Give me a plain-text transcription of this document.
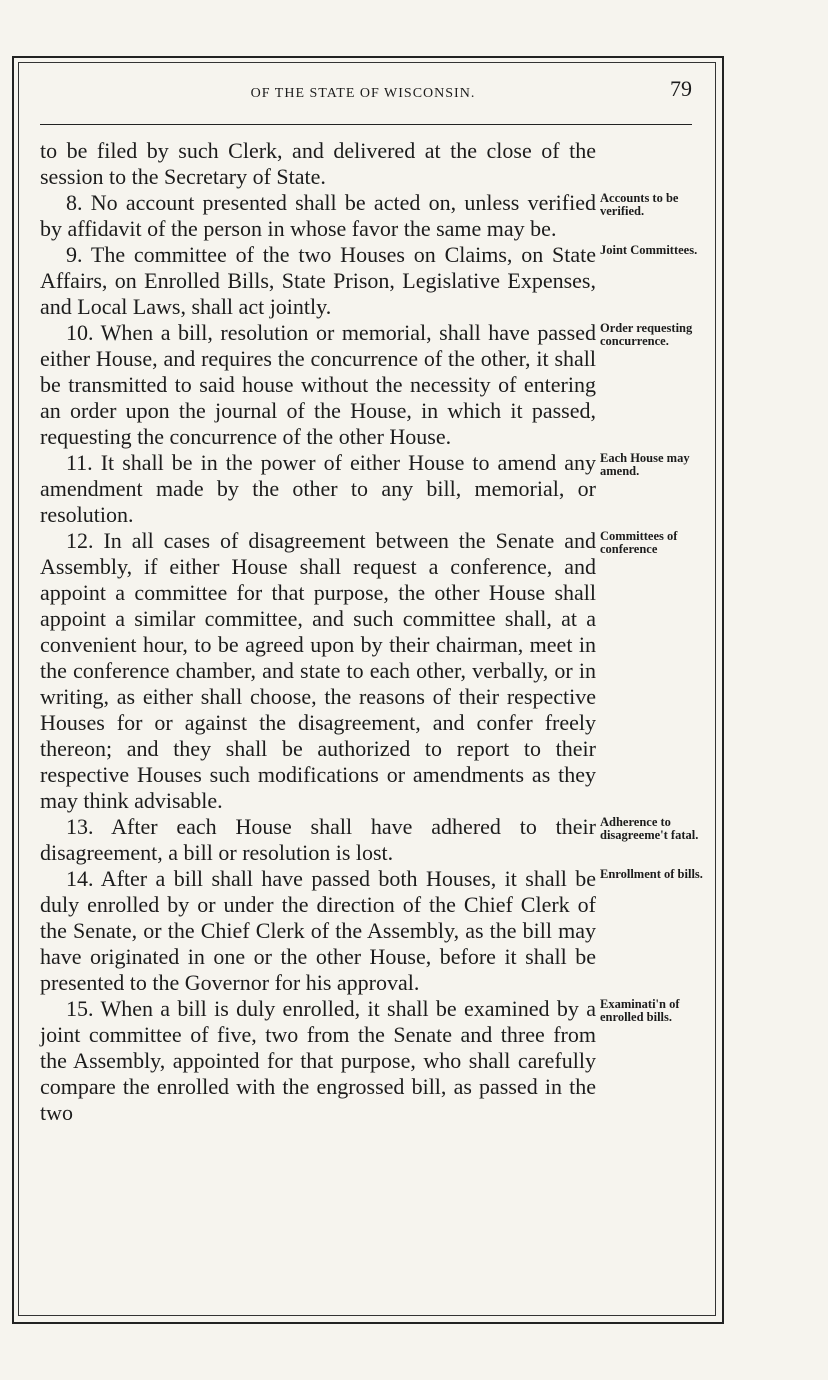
OF THE STATE OF WISCONSIN.	79

to be filed by such Clerk, and delivered at the close of the session to the Secretary of State.

8. No account presented shall be acted on, unless verified by affidavit of the person in whose favor the same may be.

Accounts to be verified.

9. The committee of the two Houses on Claims, on State Affairs, on Enrolled Bills, State Prison, Legislative Expenses, and Local Laws, shall act jointly.

Joint Committees.

10. When a bill, resolution or memorial, shall have passed either House, and requires the concurrence of the other, it shall be transmitted to said house without the necessity of entering an order upon the journal of the House, in which it passed, requesting the concurrence of the other House.

Order requesting concurrence.

11. It shall be in the power of either House to amend any amendment made by the other to any bill, memorial, or resolution.

Each House may amend.

12. In all cases of disagreement between the Senate and Assembly, if either House shall request a conference, and appoint a committee for that purpose, the other House shall appoint a similar committee, and such committee shall, at a convenient hour, to be agreed upon by their chairman, meet in the conference chamber, and state to each other, verbally, or in writing, as either shall choose, the reasons of their respective Houses for or against the disagreement, and confer freely thereon; and they shall be authorized to report to their respective Houses such modifications or amendments as they may think advisable.

Committees of conference

13. After each House shall have adhered to their disagreement, a bill or resolution is lost.

Adherence to disagreeme't fatal.

14. After a bill shall have passed both Houses, it shall be duly enrolled by or under the direction of the Chief Clerk of the Senate, or the Chief Clerk of the Assembly, as the bill may have originated in one or the other House, before it shall be presented to the Governor for his approval.

Enrollment of bills.

15. When a bill is duly enrolled, it shall be examined by a joint committee of five, two from the Senate and three from the Assembly, appointed for that purpose, who shall carefully compare the enrolled with the engrossed bill, as passed in the two

Examinati'n of enrolled bills.
